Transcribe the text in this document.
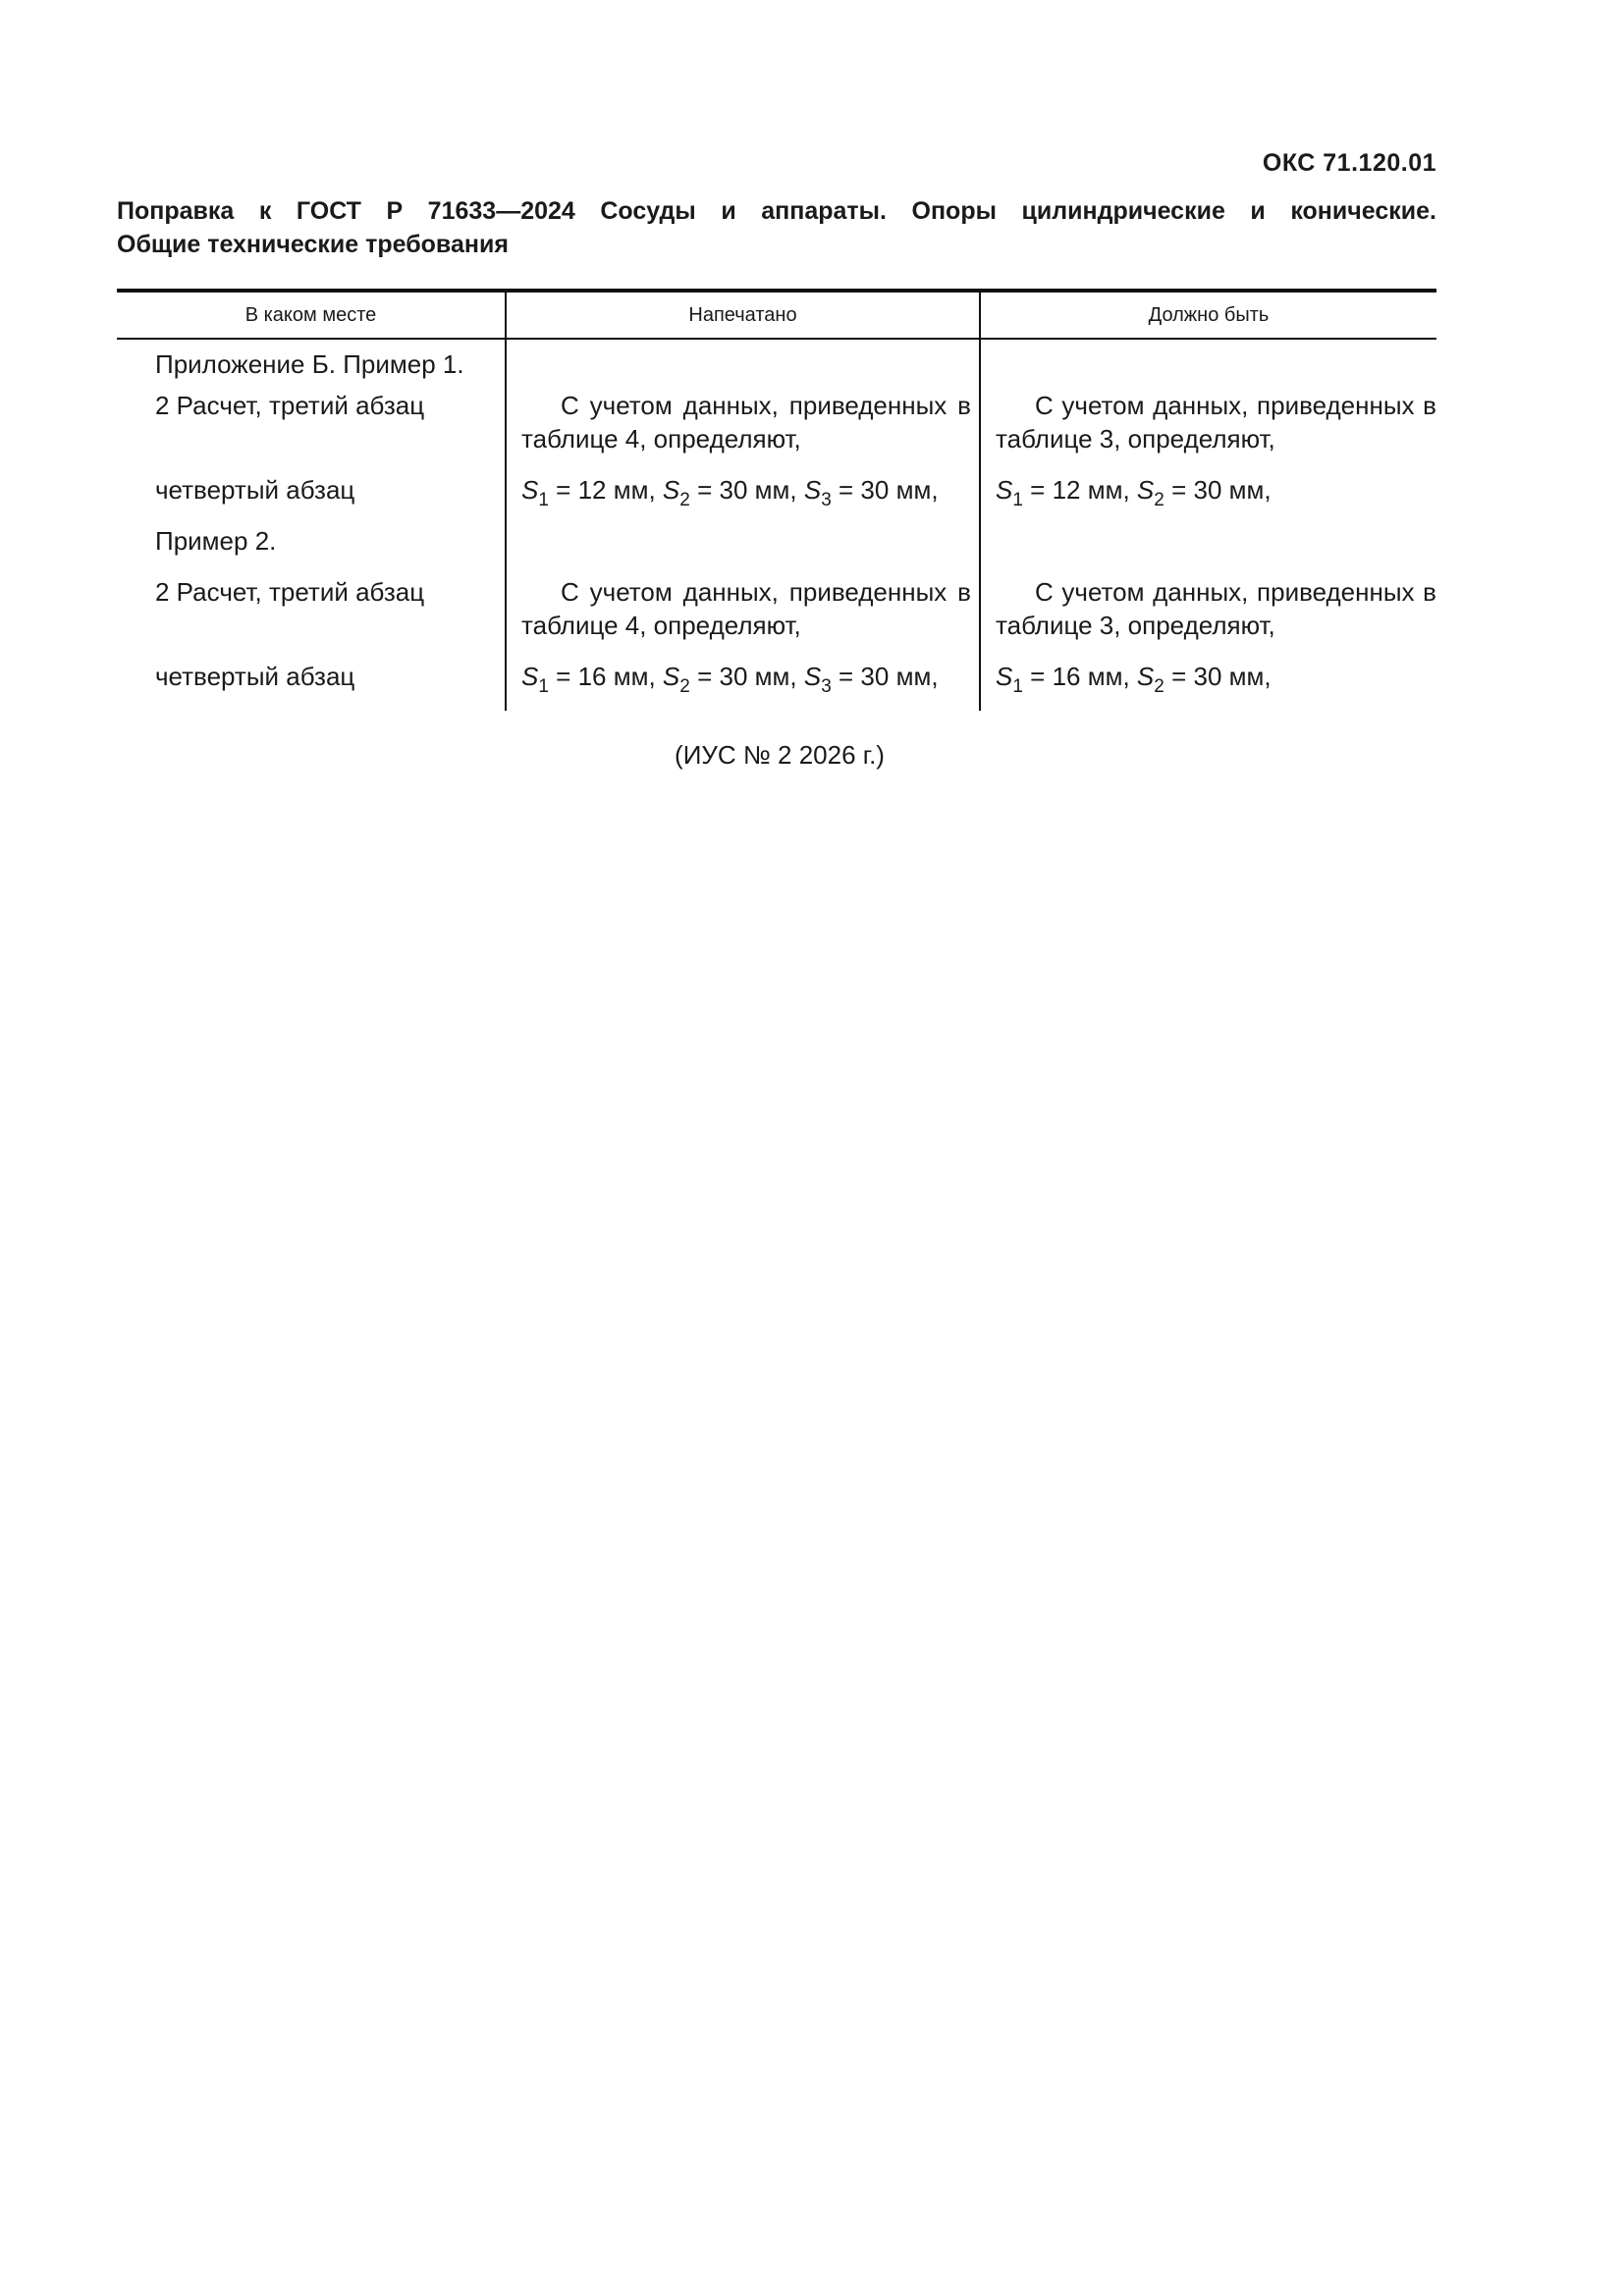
ОКС 71.120.01
Поправка к ГОСТ Р 71633—2024 Сосуды и аппараты. Опоры цилиндрические и конические.
Общие технические требования
В каком месте	Напечатано	Должно быть
Приложение Б. Пример 1.		
2 Расчет, третий абзац	С учетом данных, приведенных в таблице 4, определяют,	С учетом данных, приведенных в таблице 3, определяют,
четвертый абзац	$S_1 = 12$ мм, $S_2 = 30$ мм, $S_3 = 30$ мм,	$S_1 = 12$ мм, $S_2 = 30$ мм,
Пример 2.		
2 Расчет, третий абзац	С учетом данных, приведенных в таблице 4, определяют,	С учетом данных, приведенных в таблице 3, определяют,
четвертый абзац	$S_1 = 16$ мм, $S_2 = 30$ мм, $S_3 = 30$ мм,	$S_1 = 16$ мм, $S_2 = 30$ мм,
(ИУС № 2 2026 г.)
